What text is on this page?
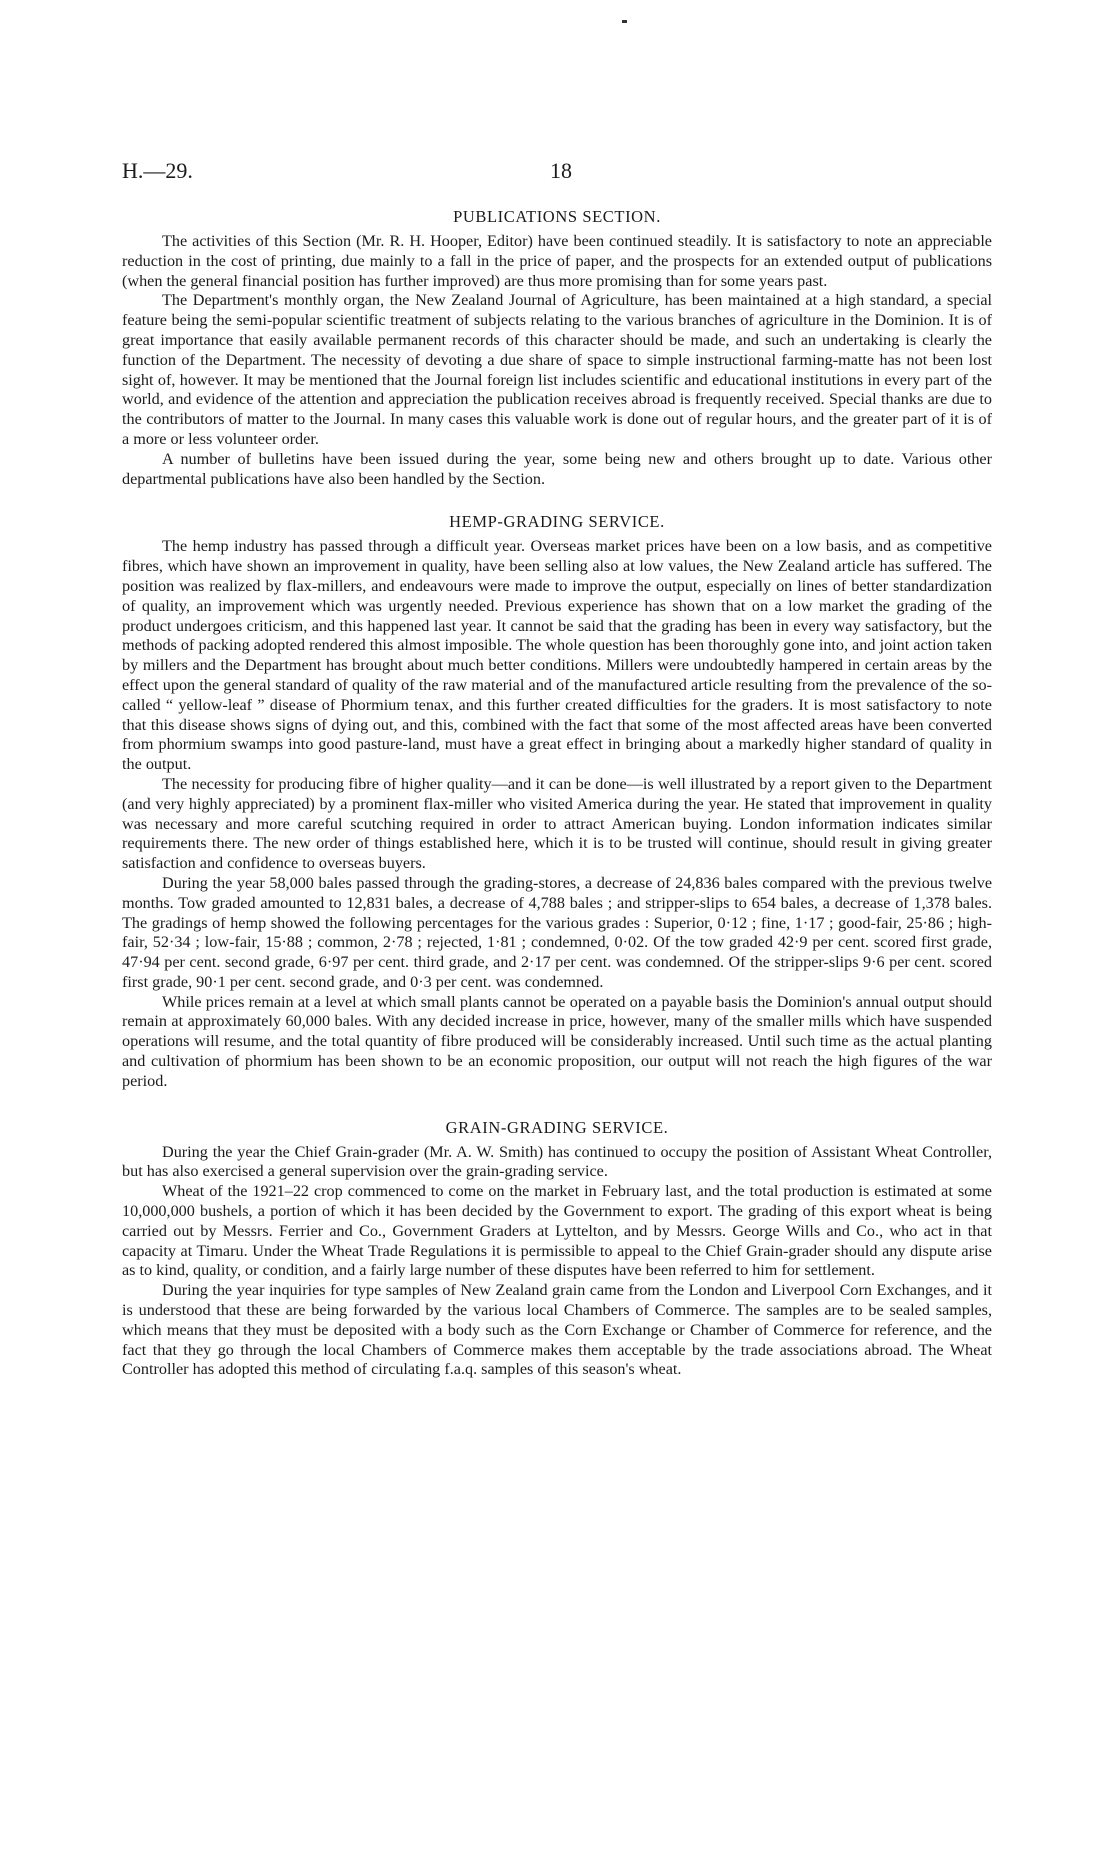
H.—29.	18
PUBLICATIONS SECTION.

The activities of this Section (Mr. R. H. Hooper, Editor) have been continued steadily. It is satisfactory to note an appreciable reduction in the cost of printing, due mainly to a fall in the price of paper, and the prospects for an extended output of publications (when the general financial position has further improved) are thus more promising than for some years past.

The Department's monthly organ, the New Zealand Journal of Agriculture, has been maintained at a high standard, a special feature being the semi-popular scientific treatment of subjects relating to the various branches of agriculture in the Dominion. It is of great importance that easily available permanent records of this character should be made, and such an undertaking is clearly the function of the Department. The necessity of devoting a due share of space to simple instructional farming-matte has not been lost sight of, however. It may be mentioned that the Journal foreign list includes scientific and educational institutions in every part of the world, and evidence of the attention and appreciation the publication receives abroad is frequently received. Special thanks are due to the contributors of matter to the Journal. In many cases this valuable work is done out of regular hours, and the greater part of it is of a more or less volunteer order.

A number of bulletins have been issued during the year, some being new and others brought up to date. Various other departmental publications have also been handled by the Section.

HEMP-GRADING SERVICE.

The hemp industry has passed through a difficult year. Overseas market prices have been on a low basis, and as competitive fibres, which have shown an improvement in quality, have been selling also at low values, the New Zealand article has suffered. The position was realized by flax-millers, and endeavours were made to improve the output, especially on lines of better standardization of quality, an improvement which was urgently needed. Previous experience has shown that on a low market the grading of the product undergoes criticism, and this happened last year. It cannot be said that the grading has been in every way satisfactory, but the methods of packing adopted rendered this almost imposible. The whole question has been thoroughly gone into, and joint action taken by millers and the Department has brought about much better conditions. Millers were undoubtedly hampered in certain areas by the effect upon the general standard of quality of the raw material and of the manufactured article resulting from the prevalence of the so-called “ yellow-leaf ” disease of Phormium tenax, and this further created difficulties for the graders. It is most satisfactory to note that this disease shows signs of dying out, and this, combined with the fact that some of the most affected areas have been converted from phormium swamps into good pasture-land, must have a great effect in bringing about a markedly higher standard of quality in the output.

The necessity for producing fibre of higher quality—and it can be done—is well illustrated by a report given to the Department (and very highly appreciated) by a prominent flax-miller who visited America during the year. He stated that improvement in quality was necessary and more careful scutching required in order to attract American buying. London information indicates similar requirements there. The new order of things established here, which it is to be trusted will continue, should result in giving greater satisfaction and confidence to overseas buyers.

During the year 58,000 bales passed through the grading-stores, a decrease of 24,836 bales compared with the previous twelve months. Tow graded amounted to 12,831 bales, a decrease of 4,788 bales ; and stripper-slips to 654 bales, a decrease of 1,378 bales. The gradings of hemp showed the following percentages for the various grades : Superior, 0·12 ; fine, 1·17 ; good-fair, 25·86 ; high-fair, 52·34 ; low-fair, 15·88 ; common, 2·78 ; rejected, 1·81 ; condemned, 0·02. Of the tow graded 42·9 per cent. scored first grade, 47·94 per cent. second grade, 6·97 per cent. third grade, and 2·17 per cent. was condemned. Of the stripper-slips 9·6 per cent. scored first grade, 90·1 per cent. second grade, and 0·3 per cent. was condemned.

While prices remain at a level at which small plants cannot be operated on a payable basis the Dominion's annual output should remain at approximately 60,000 bales. With any decided increase in price, however, many of the smaller mills which have suspended operations will resume, and the total quantity of fibre produced will be considerably increased. Until such time as the actual planting and cultivation of phormium has been shown to be an economic proposition, our output will not reach the high figures of the war period.

GRAIN-GRADING SERVICE.

During the year the Chief Grain-grader (Mr. A. W. Smith) has continued to occupy the position of Assistant Wheat Controller, but has also exercised a general supervision over the grain-grading service.

Wheat of the 1921–22 crop commenced to come on the market in February last, and the total production is estimated at some 10,000,000 bushels, a portion of which it has been decided by the Government to export. The grading of this export wheat is being carried out by Messrs. Ferrier and Co., Government Graders at Lyttelton, and by Messrs. George Wills and Co., who act in that capacity at Timaru. Under the Wheat Trade Regulations it is permissible to appeal to the Chief Grain-grader should any dispute arise as to kind, quality, or condition, and a fairly large number of these disputes have been referred to him for settlement.

During the year inquiries for type samples of New Zealand grain came from the London and Liverpool Corn Exchanges, and it is understood that these are being forwarded by the various local Chambers of Commerce. The samples are to be sealed samples, which means that they must be deposited with a body such as the Corn Exchange or Chamber of Commerce for reference, and the fact that they go through the local Chambers of Commerce makes them acceptable by the trade associations abroad. The Wheat Controller has adopted this method of circulating f.a.q. samples of this season's wheat.
